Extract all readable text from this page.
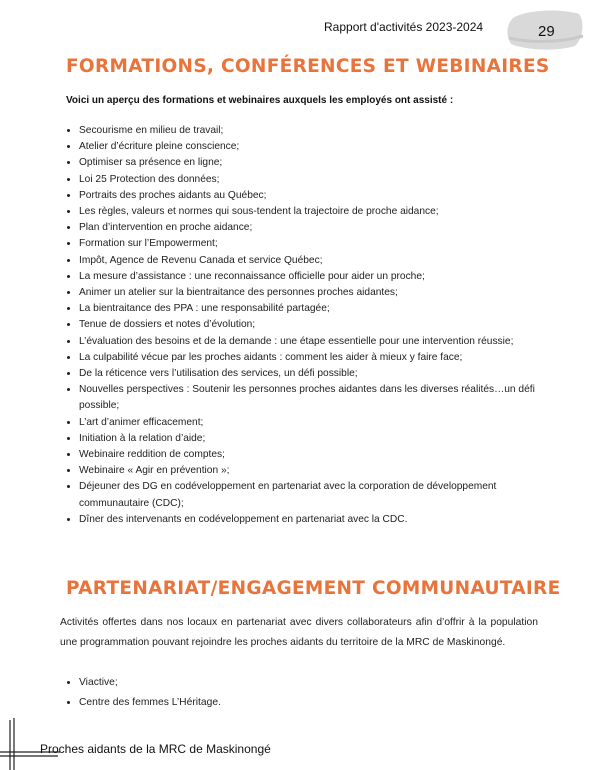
Rapport d'activités 2023-2024	29
FORMATIONS, CONFÉRENCES ET WEBINAIRES
Voici un aperçu des formations et webinaires auxquels les employés ont assisté :
• Secourisme en milieu de travail;
• Atelier d’écriture pleine conscience;
• Optimiser sa présence en ligne;
• Loi 25 Protection des données;
• Portraits des proches aidants au Québec;
• Les règles, valeurs et normes qui sous-tendent la trajectoire de proche aidance;
• Plan d’intervention en proche aidance;
• Formation sur l’Empowerment;
• Impôt, Agence de Revenu Canada et service Québec;
• La mesure d’assistance : une reconnaissance officielle pour aider un proche;
• Animer un atelier sur la bientraitance des personnes proches aidantes;
• La bientraitance des PPA : une responsabilité partagée;
• Tenue de dossiers et notes d’évolution;
• L’évaluation des besoins et de la demande : une étape essentielle pour une intervention réussie;
• La culpabilité vécue par les proches aidants : comment les aider à mieux y faire face;
• De la réticence vers l’utilisation des services, un défi possible;
• Nouvelles perspectives : Soutenir les personnes proches aidantes dans les diverses réalités…un défi possible;
• L’art d’animer efficacement;
• Initiation à la relation d’aide;
• Webinaire reddition de comptes;
• Webinaire « Agir en prévention »;
• Déjeuner des DG en codéveloppement en partenariat avec la corporation de développement communautaire (CDC);
• Dîner des intervenants en codéveloppement en partenariat avec la CDC.
PARTENARIAT/ENGAGEMENT COMMUNAUTAIRE

Activités offertes dans nos locaux en partenariat avec divers collaborateurs afin d’offrir à la population une programmation pouvant rejoindre les proches aidants du territoire de la MRC de Maskinongé.

• Viactive;
• Centre des femmes L’Héritage.
Proches aidants de la MRC de Maskinongé
